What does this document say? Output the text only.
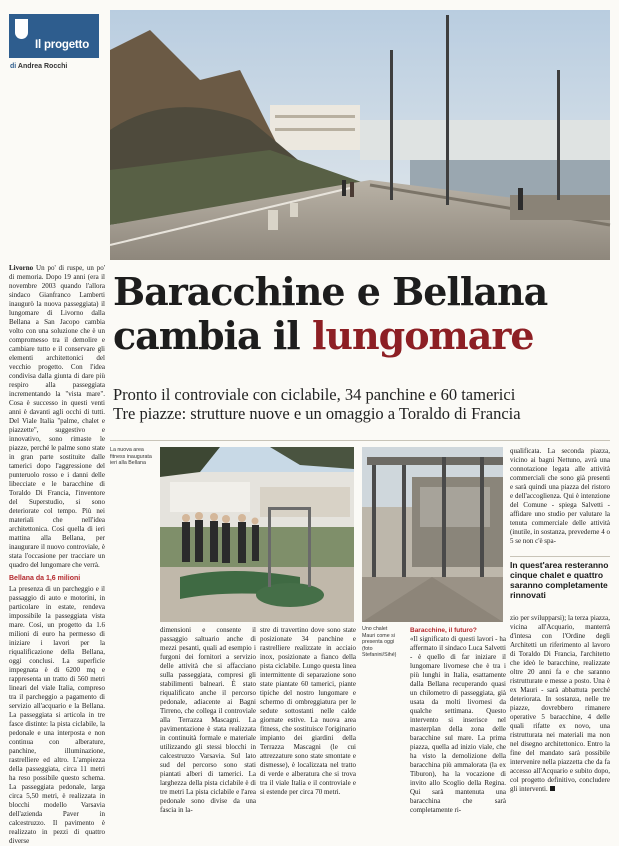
Il progetto
di Andrea Rocchi

Livorno Un po' di ruspe, un po' di memoria. Dopo 19 anni (era il novembre 2003 quando l'allora sindaco Gianfranco Lamberti inaugurò la nuova passeggiata) il lungomare di Livorno dalla Bellana a San Jacopo cambia volto con una soluzione che è un compromesso tra il demolire e cambiare tutto e il conservare gli elementi architettonici del vecchio progetto. Con l'idea condivisa dalla giunta di dare più respiro alla passeggiata incrementando la "vista mare". Cosa è successo in questi venti anni è davanti agli occhi di tutti. Del Viale Italia "palme, chalet e piazzette", suggestivo e innovativo, sono rimaste le piazze, perché le palme sono state in gran parte sostituite dalle tamerici dopo l'aggressione del punteruolo rosso e i danni delle libecciate e le baracchine di Toraldo Di Francia, l'inventore del Superstudio, si sono deteriorate col tempo. Più nei materiali che nell'idea architettonica. Così quella di ieri mattina alla Bellana, per inaugurare il nuovo controviale, è stata l'occasione per tracciare un quadro del lungomare che verrà.

Bellana da 1,6 milioni

La presenza di un parcheggio e il passaggio di auto e motorini, in particolare in estate, rendeva impossibile la passeggiata vista mare. Così, un progetto da 1.6 milioni di euro ha permesso di iniziare i lavori per la riqualificazione della Bellana, oggi conclusi. La superficie impegnata è di 6200 mq e rappresenta un tratto di 560 metri lineari del viale Italia, compreso tra il parcheggio a pagamento di servizio all'acquario e la Bellana. La passeggiata si articola in tre fasce distinte: la pista ciclabile, la pedonale e una interposta e non continua con alberature, panchine, illuminazione, rastrelliere ed altro. L'ampiezza della passeggiata, circa 11 metri ha reso possibile questo schema. La passeggiata pedonale, larga circa 5,50 metri, è realizzata in blocchi modello Varsavia dell'azienda Paver in calcestruzzo. Il pavimento è realizzato in pezzi di quattro diverse

Baracchine e Bellana
cambia il lungomare
Pronto il controviale con ciclabile, 34 panchine e 60 tamerici
Tre piazze: strutture nuove e un omaggio a Toraldo di Francia
La nuova area fitness inaugurata ieri alla Bellana
Uno chalet Mauri come si presenta oggi (foto Stefanini/Sihé)
dimensioni e consente il passaggio saltuario anche di mezzi pesanti, quali ad esempio i furgoni dei fornitori a servizio delle attività che si affacciano sulla passeggiata, compresi gli stabilimenti balneari. È stato riqualificato anche il percorso pedonale, adiacente ai Bagni Tirreno, che collega il controviale alla Terrazza Mascagni. La pavimentazione è stata realizzata in continuità formale e materiale utilizzando gli stessi blocchi in calcestruzzo Varsavia. Sul lato sud del percorso sono stati piantati alberi di tamerici. La larghezza della pista ciclabile è di tre metri La pista ciclabile e l'area pedonale sono divise da una fascia in la-
stre di travertino dove sono state posizionate 34 panchine e rastrelliere realizzate in acciaio inox, posizionate a fianco della pista ciclabile. Lungo questa linea intermittente di separazione sono state piantate 60 tamerici, piante tipiche del nostro lungomare e schermo di ombreggiatura per le sedute sottostanti nelle calde giornate estive. La nuova area fitness, che sostituisce l'originario impianto dei giardini della Terrazza Mascagni (le cui attrezzature sono state smontate e dismesse), è localizzata nel tratto di verde e alberatura che si trova tra il viale Italia e il controviale e si estende per circa 70 metri.
Baracchine, il futuro?
«Il significato di questi lavori - ha affermato il sindaco Luca Salvetti - è quello di far iniziare il lungomare livornese che è tra i più lunghi in Italia, esattamente dalla Bellana recuperando quasi un chilometro di passeggiata, già usata da molti livornesi da qualche settimana. Questo intervento si inserisce nel masterplan della zona delle baracchine sul mare. La prima piazza, quella ad inizio viale, che ha visto la demolizione della baracchina più ammalorata (la ex Tiburon), ha la vocazione di invito allo Scoglio della Regina. Qui sarà mantenuta una baracchina che sarà completamente ri-
qualificata. La seconda piazza, vicino ai bagni Nettuno, avrà una connotazione legata alle attività commerciali che sono già presenti e sarà quindi una piazza del ristoro e dell'accoglienza. Qui è intenzione del Comune - spiega Salvetti - affidare uno studio per valutare la tenuta commerciale delle attività (inutile, in sostanza, prevederne 4 o 5 se non c'è spa-
In quest'area resteranno cinque chalet e quattro saranno completamente rinnovati
zio per svilupparsi); la terza piazza, vicina all'Acquario, manterrà d'intesa con l'Ordine degli Architetti un riferimento al lavoro di Toraldo Di Francia, l'architetto che ideò le baracchine, realizzate oltre 20 anni fa e che saranno ristrutturate e messe a posto. Una è ex Mauri - sarà abbattuta perché deteriorata. In sostanza, nelle tre piazze, dovrebbero rimanere operative 5 baracchine, 4 delle quali rifatte ex novo, una ristrutturata nei materiali ma non nel disegno architettonico. Entro la fine del mandato sarà possibile intervenire nella piazzetta che da fa accesso all'Acquario e subito dopo, col progetto definitivo, concludere gli interventi.
